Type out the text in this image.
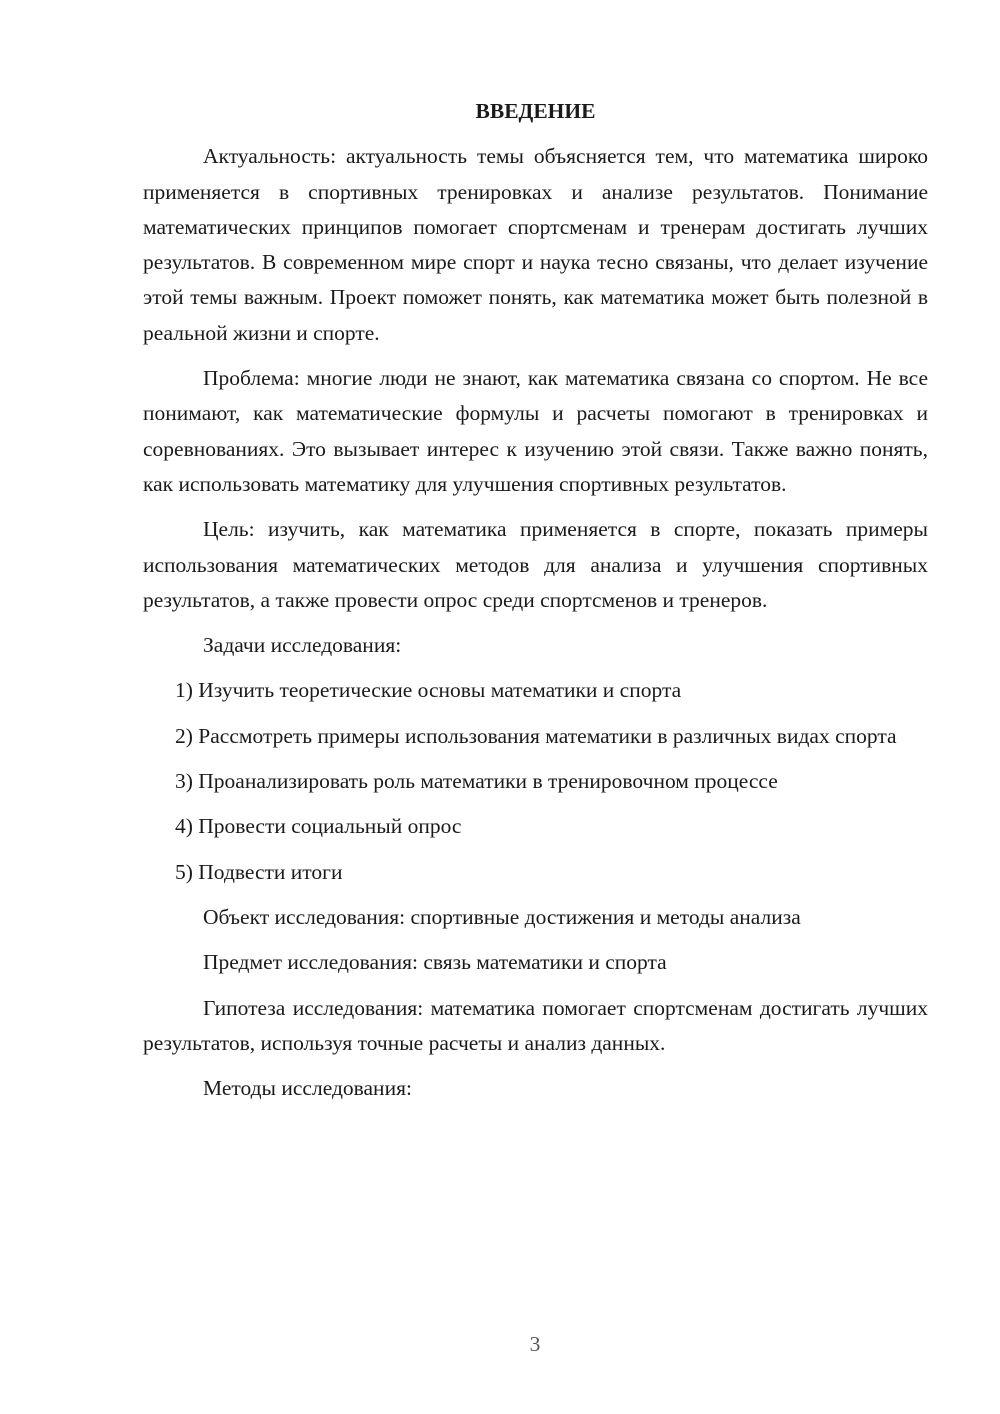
ВВЕДЕНИЕ

Актуальность: актуальность темы объясняется тем, что математика широко применяется в спортивных тренировках и анализе результатов. Понимание математических принципов помогает спортсменам и тренерам достигать лучших результатов. В современном мире спорт и наука тесно связаны, что делает изучение этой темы важным. Проект поможет понять, как математика может быть полезной в реальной жизни и спорте.

Проблема: многие люди не знают, как математика связана со спортом. Не все понимают, как математические формулы и расчеты помогают в тренировках и соревнованиях. Это вызывает интерес к изучению этой связи. Также важно понять, как использовать математику для улучшения спортивных результатов.

Цель: изучить, как математика применяется в спорте, показать примеры использования математических методов для анализа и улучшения спортивных результатов, а также провести опрос среди спортсменов и тренеров.

Задачи исследования:

1) Изучить теоретические основы математики и спорта

2) Рассмотреть примеры использования математики в различных видах спорта

3) Проанализировать роль математики в тренировочном процессе

4) Провести социальный опрос

5) Подвести итоги

Объект исследования: спортивные достижения и методы анализа

Предмет исследования: связь математики и спорта

Гипотеза исследования: математика помогает спортсменам достигать лучших результатов, используя точные расчеты и анализ данных.

Методы исследования:

3
